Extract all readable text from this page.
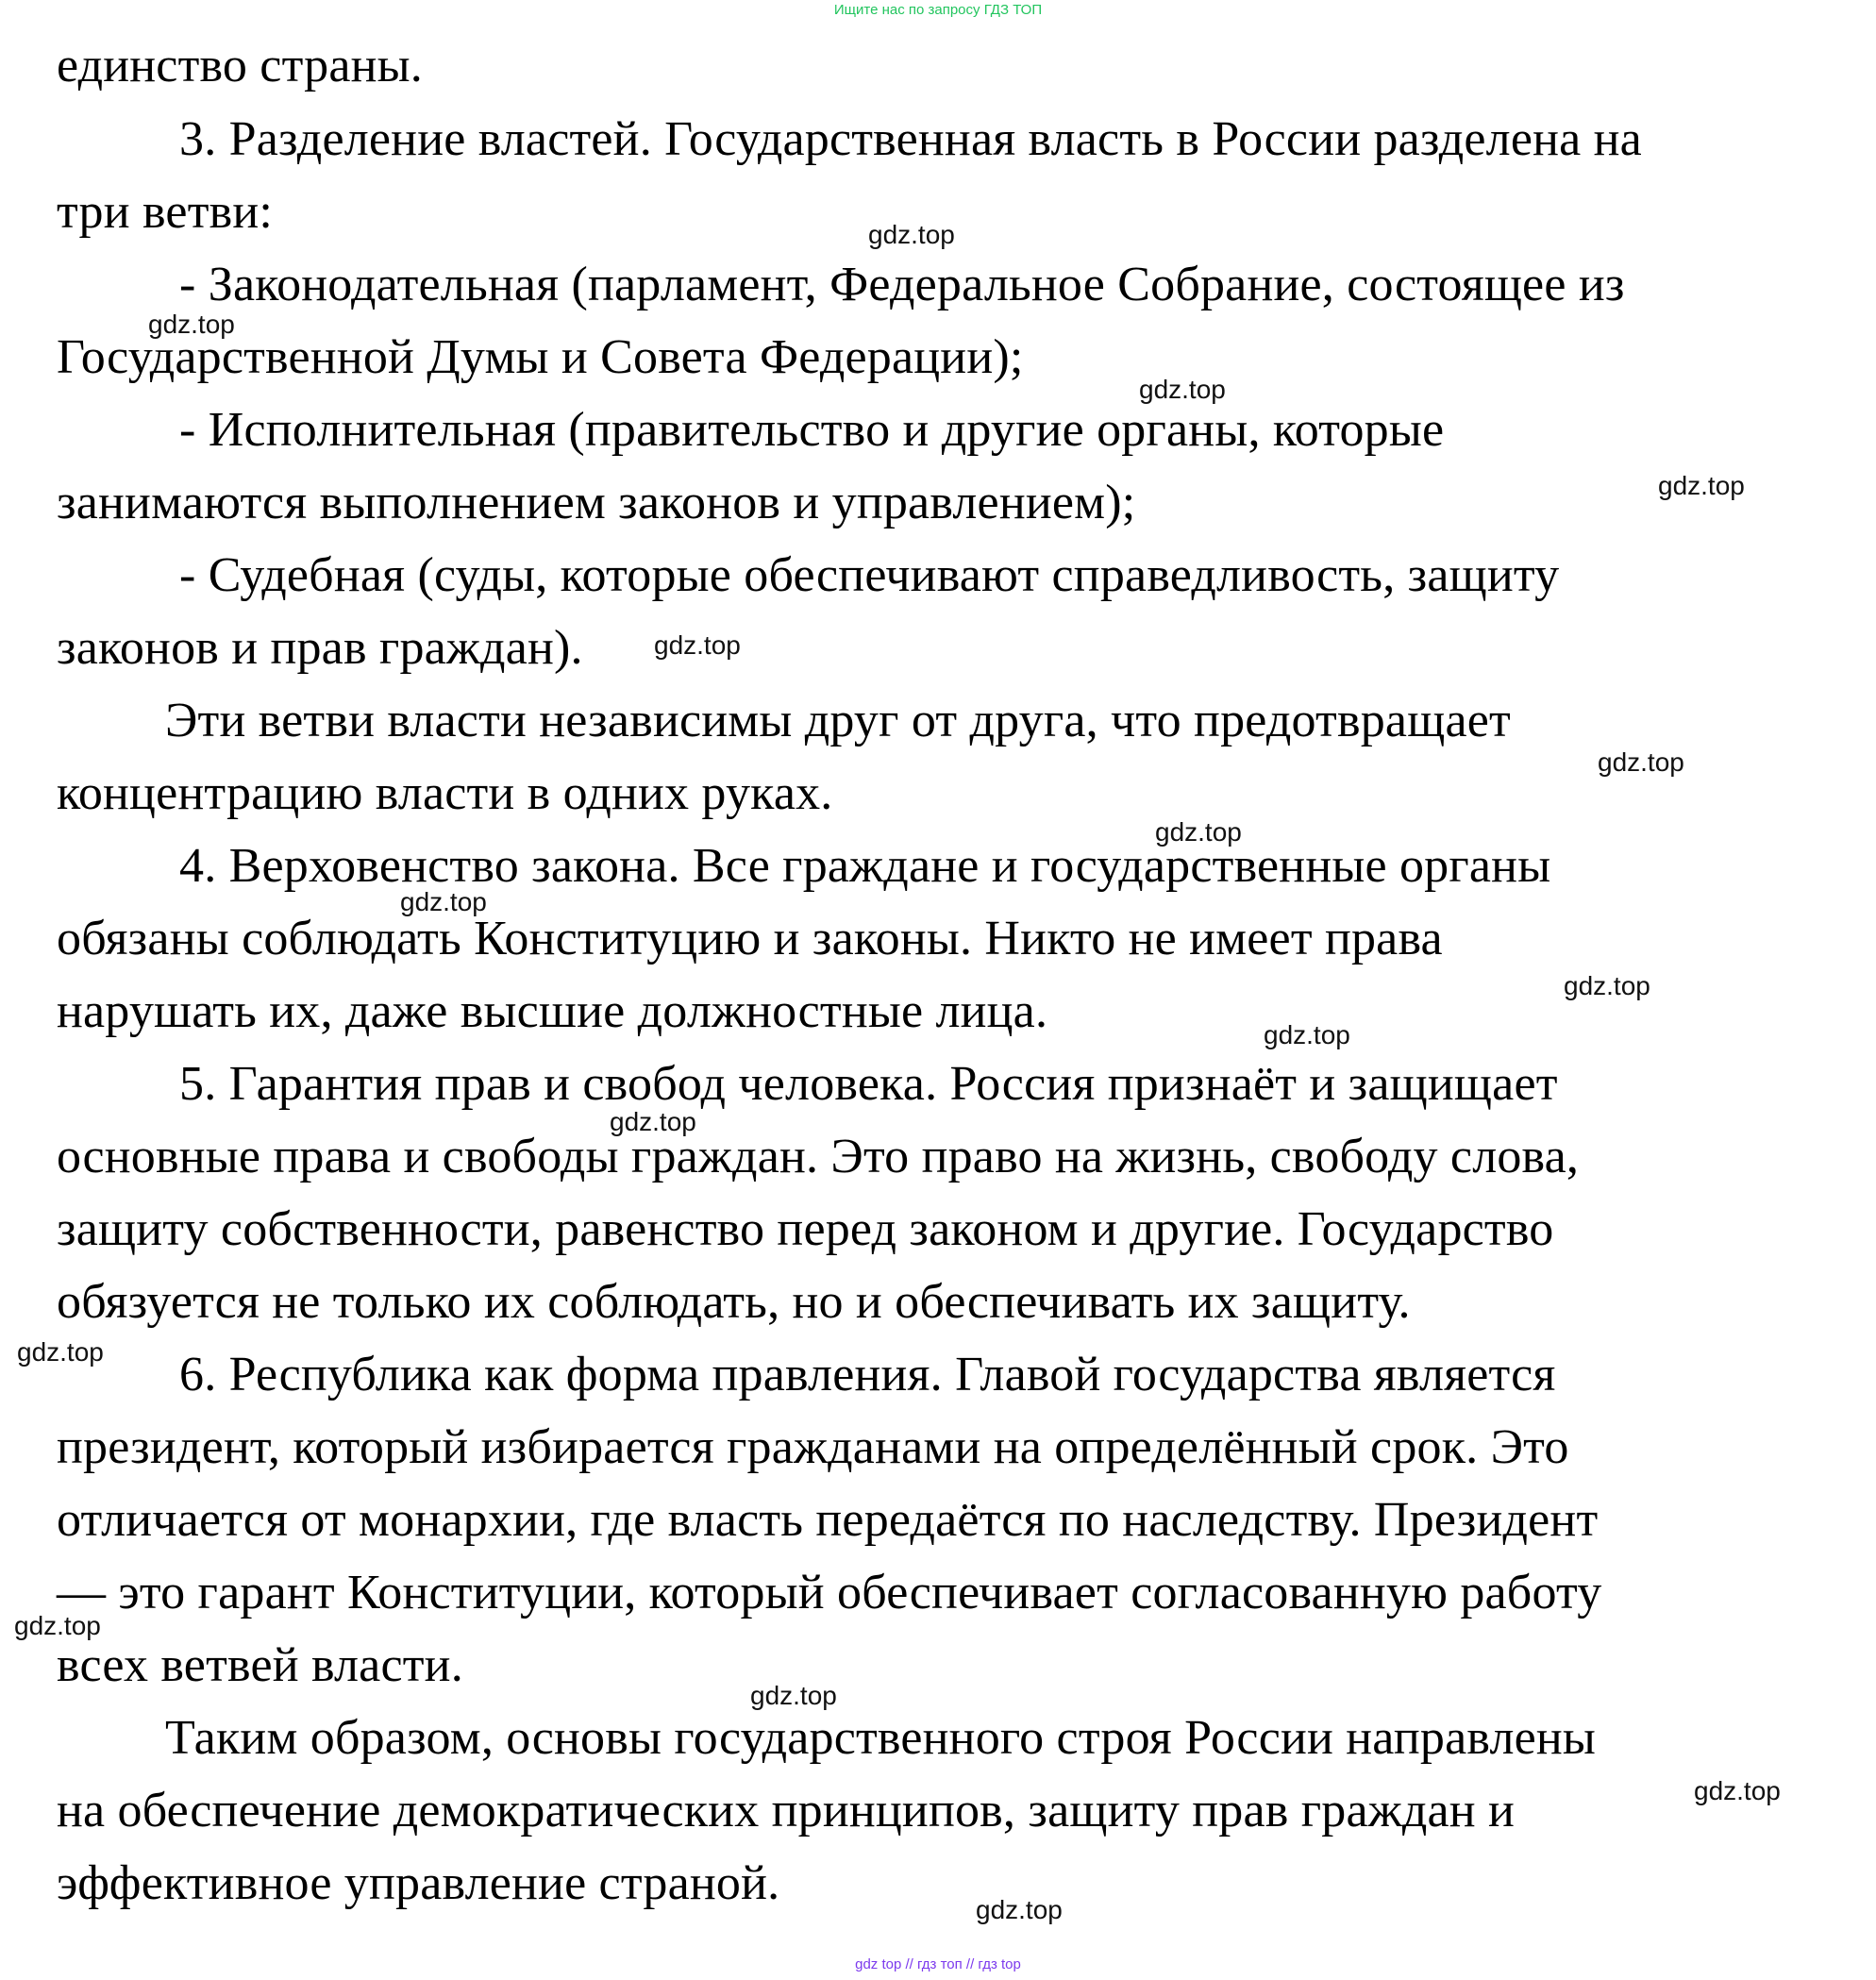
Ищите нас по запросу ГДЗ ТОП
единство страны.
3. Разделение властей. Государственная власть в России разделена на
три ветви:
- Законодательная (парламент, Федеральное Собрание, состоящее из
Государственной Думы и Совета Федерации);
- Исполнительная (правительство и другие органы, которые
занимаются выполнением законов и управлением);
- Судебная (суды, которые обеспечивают справедливость, защиту
законов и прав граждан).
Эти ветви власти независимы друг от друга, что предотвращает
концентрацию власти в одних руках.
4. Верховенство закона. Все граждане и государственные органы
обязаны соблюдать Конституцию и законы. Никто не имеет права
нарушать их, даже высшие должностные лица.
5. Гарантия прав и свобод человека. Россия признаёт и защищает
основные права и свободы граждан. Это право на жизнь, свободу слова,
защиту собственности, равенство перед законом и другие. Государство
обязуется не только их соблюдать, но и обеспечивать их защиту.
6. Республика как форма правления. Главой государства является
президент, который избирается гражданами на определённый срок. Это
отличается от монархии, где власть передаётся по наследству. Президент
— это гарант Конституции, который обеспечивает согласованную работу
всех ветвей власти.
Таким образом, основы государственного строя России направлены
на обеспечение демократических принципов, защиту прав граждан и
эффективное управление страной.
gdz.top
gdz.top
gdz.top
gdz.top
gdz.top
gdz.top
gdz.top
gdz.top
gdz.top
gdz.top
gdz.top
gdz.top
gdz.top
gdz.top
gdz.top
gdz.top
gdz top // гдз топ // гдз top
